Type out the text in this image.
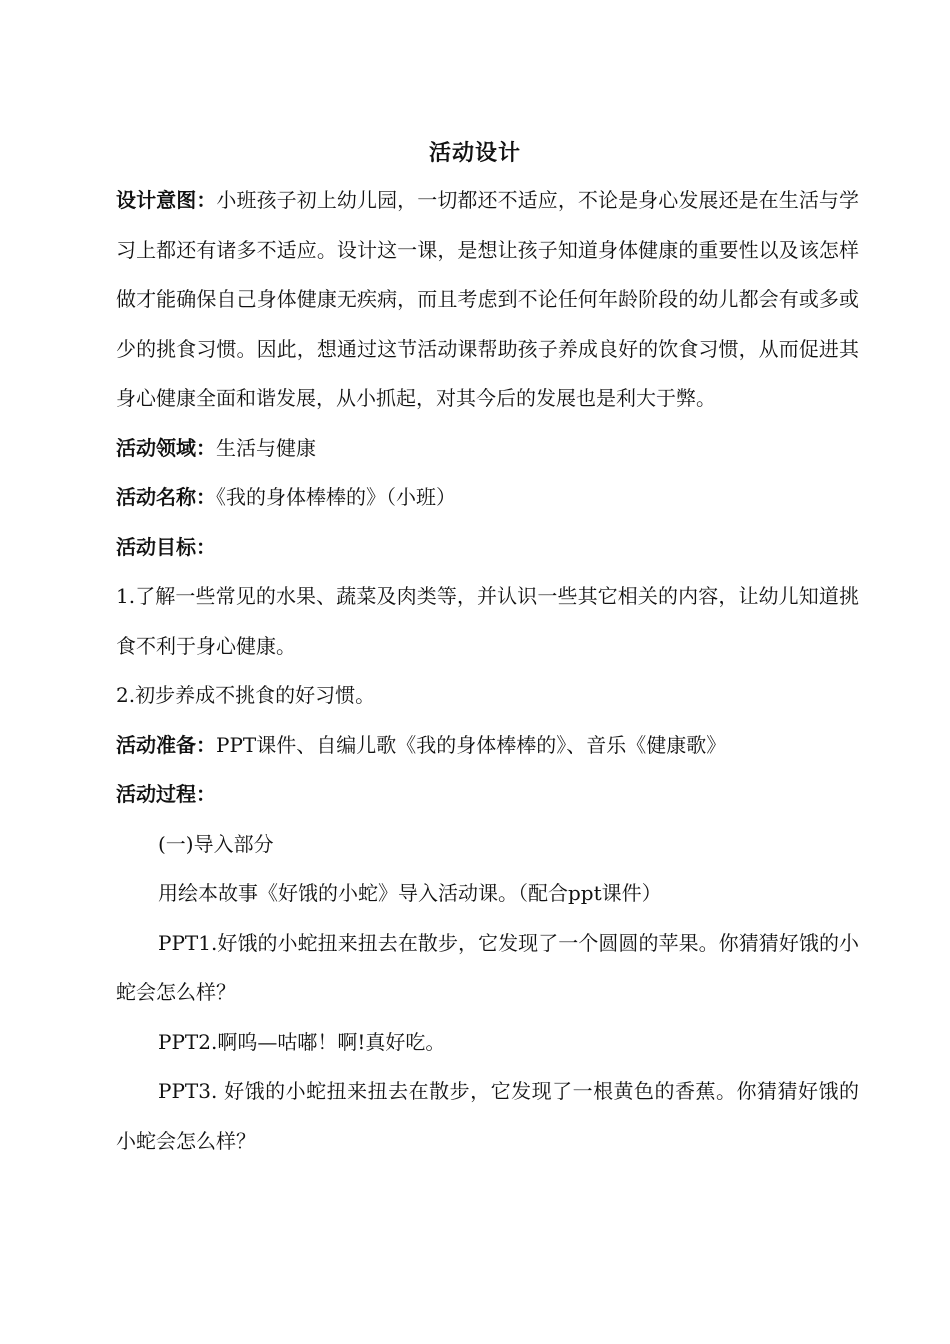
活动设计

设计意图：小班孩子初上幼儿园，一切都还不适应，不论是身心发展还是在生活与学习上都还有诸多不适应。设计这一课，是想让孩子知道身体健康的重要性以及该怎样做才能确保自己身体健康无疾病，而且考虑到不论任何年龄阶段的幼儿都会有或多或少的挑食习惯。因此，想通过这节活动课帮助孩子养成良好的饮食习惯，从而促进其身心健康全面和谐发展，从小抓起，对其今后的发展也是利大于弊。

活动领域：生活与健康

活动名称：《我的身体棒棒的》（小班）

活动目标：

1.了解一些常见的水果、蔬菜及肉类等，并认识一些其它相关的内容，让幼儿知道挑食不利于身心健康。

2.初步养成不挑食的好习惯。

活动准备：PPT课件、自编儿歌《我的身体棒棒的》、音乐《健康歌》

活动过程：

(一)导入部分

用绘本故事《好饿的小蛇》导入活动课。（配合ppt课件）

PPT1.好饿的小蛇扭来扭去在散步，它发现了一个圆圆的苹果。你猜猜好饿的小蛇会怎么样？

PPT2.啊呜—咕嘟！啊!真好吃。

PPT3. 好饿的小蛇扭来扭去在散步，它发现了一根黄色的香蕉。你猜猜好饿的小蛇会怎么样？
